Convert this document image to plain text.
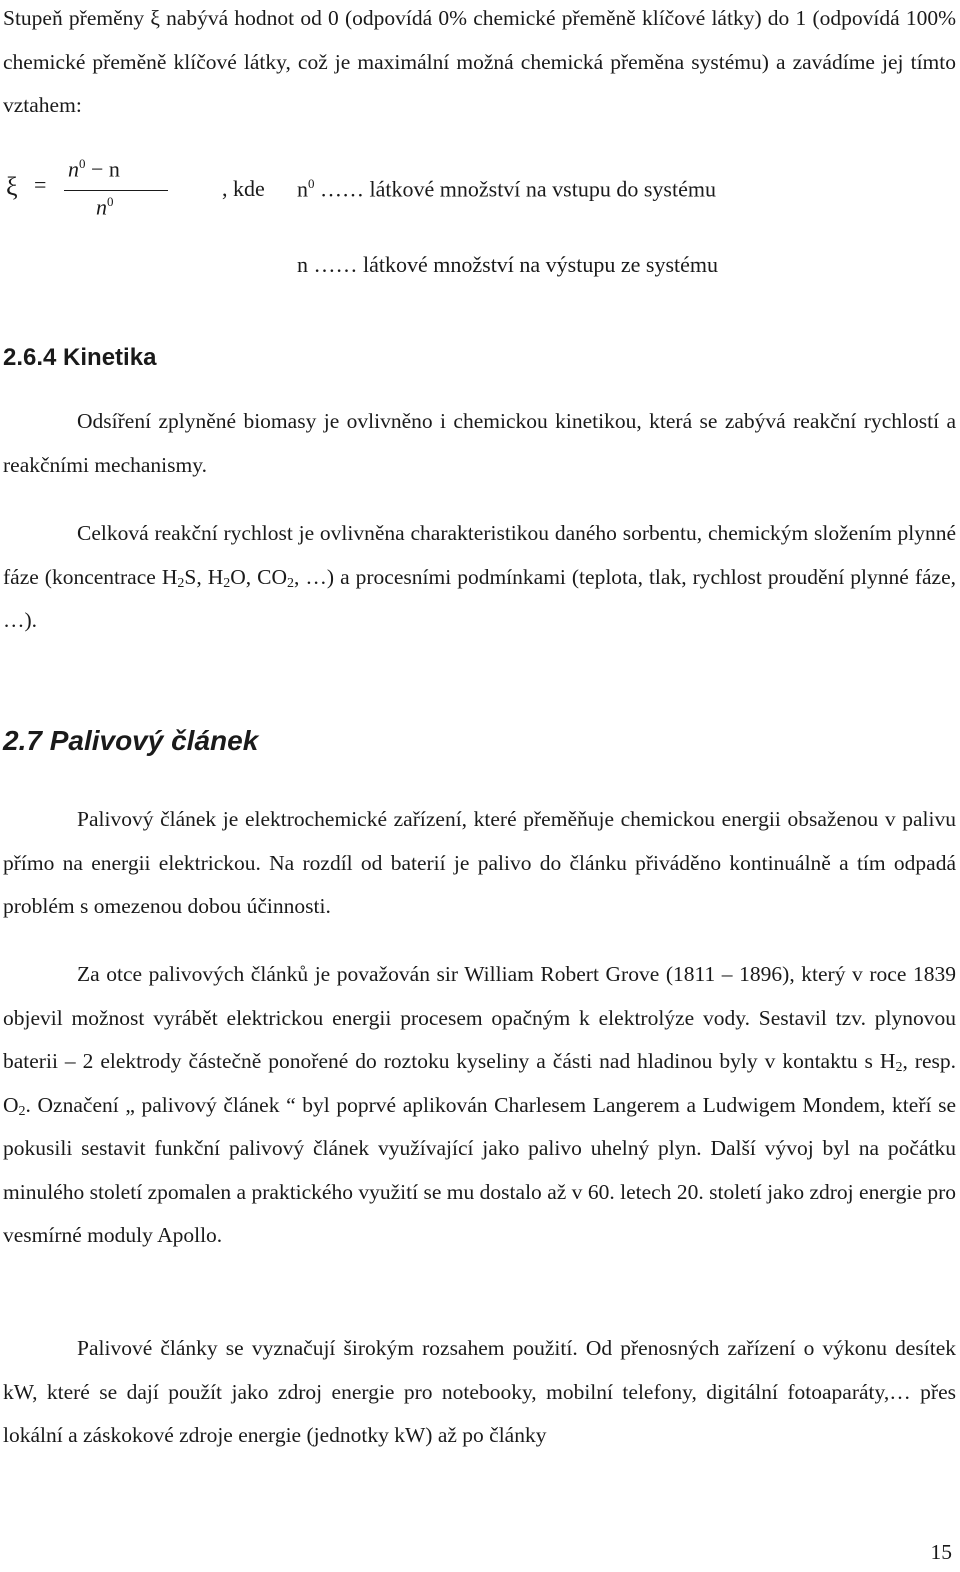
Stupeň přeměny ξ nabývá hodnot od 0 (odpovídá 0% chemické přeměně klíčové látky) do 1 (odpovídá 100% chemické přeměně klíčové látky, což je maximální možná chemická přeměna systému) a zavádíme jej tímto vztahem:

ξ =
$n^0 - n$
$n^0$
, kde $n^0$ …… látkové množství na vstupu do systému
n …… látkové množství na výstupu ze systému
2.6.4 Kinetika

Odsíření zplyněné biomasy je ovlivněno i chemickou kinetikou, která se zabývá reakční rychlostí a reakčními mechanismy.

Celková reakční rychlost je ovlivněna charakteristikou daného sorbentu, chemickým složením plynné fáze (koncentrace $H_2S$, $H_2O$, $CO_2$, …) a procesními podmínkami (teplota, tlak, rychlost proudění plynné fáze, …).

2.7 Palivový článek

Palivový článek je elektrochemické zařízení, které přeměňuje chemickou energii obsaženou v palivu přímo na energii elektrickou. Na rozdíl od baterií je palivo do článku přiváděno kontinuálně a tím odpadá problém s omezenou dobou účinnosti.

Za otce palivových článků je považován sir William Robert Grove (1811 – 1896), který v roce 1839 objevil možnost vyrábět elektrickou energii procesem opačným k elektrolýze vody. Sestavil tzv. plynovou baterii – 2 elektrody částečně ponořené do roztoku kyseliny a části nad hladinou byly v kontaktu s $H_2$, resp. $O_2$. Označení „ palivový článek “ byl poprvé aplikován Charlesem Langerem a Ludwigem Mondem, kteří se pokusili sestavit funkční palivový článek využívající jako palivo uhelný plyn. Další vývoj byl na počátku minulého století zpomalen a praktického využití se mu dostalo až v 60. letech 20. století jako zdroj energie pro vesmírné moduly Apollo.

Palivové články se vyznačují širokým rozsahem použití. Od přenosných zařízení o výkonu desítek kW, které se dají použít jako zdroj energie pro notebooky, mobilní telefony, digitální fotoaparáty,… přes lokální a záskokové zdroje energie (jednotky kW) až po články

15
